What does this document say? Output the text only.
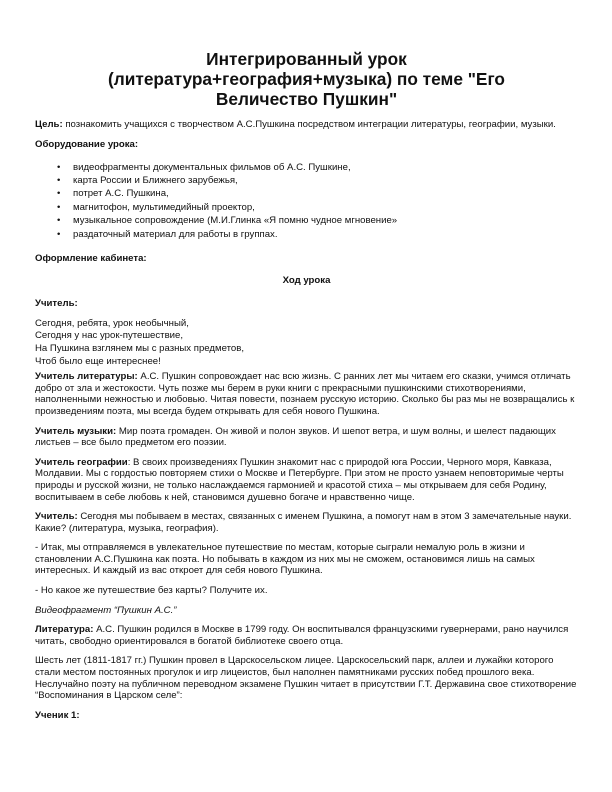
Интегрированный урок
(литература+география+музыка) по теме "Его
Величество Пушкин"

Цель: познакомить учащихся с творчеством А.С.Пушкина посредством интеграции литературы, географии, музыки.

Оборудование урока:
• видеофрагменты документальных фильмов об А.С. Пушкине,
• карта России и Ближнего зарубежья,
• потрет А.С. Пушкина,
• магнитофон, мультимедийный проектор,
• музыкальное сопровождение (М.И.Глинка «Я помню чудное мгновение»
• раздаточный материал для работы в группах.
Оформление кабинета:
Ход урока

Учитель:

Сегодня, ребята, урок необычный,
Сегодня у нас урок-путешествие,
На Пушкина взглянем мы с разных предметов,
Чтоб было еще интереснее!

Учитель литературы: А.С. Пушкин сопровождает нас всю жизнь. С ранних лет мы читаем его сказки, учимся отличать добро от зла и жестокости. Чуть позже мы берем в руки книги с прекрасными пушкинскими стихотворениями, наполненными нежностью и любовью. Читая повести, познаем русскую историю. Сколько бы раз мы не возвращались к произведениям поэта, мы всегда будем открывать для себя нового Пушкина.

Учитель музыки: Мир поэта громаден. Он живой и полон звуков. И шепот ветра, и шум волны, и шелест падающих листьев – все было предметом его поэзии.

Учитель географии: В своих произведениях Пушкин знакомит нас с природой юга России, Черного моря, Кавказа, Молдавии. Мы с гордостью повторяем стихи о Москве и Петербурге. При этом не просто узнаем неповторимые черты природы и русской жизни, не только наслаждаемся гармонией и красотой стиха – мы открываем для себя Родину, воспитываем в себе любовь к ней, становимся душевно богаче и нравственно чище.

Учитель: Сегодня мы побываем в местах, связанных с именем Пушкина, а помогут нам в этом 3 замечательные науки. Какие? (литература, музыка, география).

- Итак, мы отправляемся в увлекательное путешествие по местам, которые сыграли немалую роль в жизни и становлении А.С.Пушкина как поэта. Но побывать в каждом из них мы не сможем, остановимся лишь на самых интересных. И каждый из вас откроет для себя нового Пушкина.

- Но какое же путешествие без карты? Получите их.

Видеофрагмент “Пушкин А.С.”

Литература: А.С. Пушкин родился в Москве в 1799 году. Он воспитывался французскими гувернерами, рано научился читать, свободно ориентировался в богатой библиотеке своего отца.

Шесть лет (1811-1817 гг.) Пушкин провел в Царскосельском лицее. Царскосельский парк, аллеи и лужайки которого стали местом постоянных прогулок и игр лицеистов, был наполнен памятниками русских побед прошлого века. Неслучайно поэту на публичном переводном экзамене Пушкин читает в присутствии Г.Т. Державина свое стихотворение “Воспоминания в Царском селе”:

Ученик 1:
